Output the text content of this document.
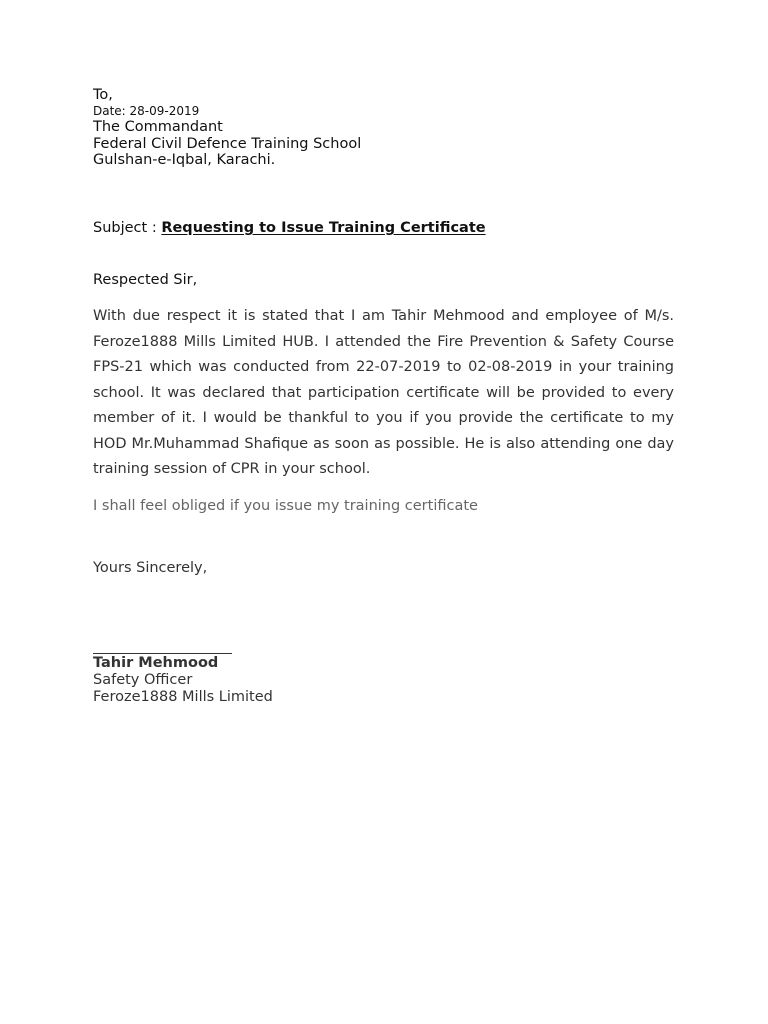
To,
Date: 28-09-2019
The Commandant
Federal Civil Defence Training School
Gulshan-e-Iqbal, Karachi.
Subject : Requesting to Issue Training Certificate
Respected Sir,
With due respect it is stated that I am Tahir Mehmood and employee of M/s. Feroze1888 Mills Limited HUB. I attended the Fire Prevention & Safety Course FPS-21 which was conducted from 22-07-2019 to 02-08-2019 in your training school. It was declared that participation certificate will be provided to every member of it. I would be thankful to you if you provide the certificate to my HOD Mr.Muhammad Shafique as soon as possible. He is also attending one day training session of CPR in your school.
I shall feel obliged if you issue my training certificate
Yours Sincerely,
Tahir Mehmood
Safety Officer
Feroze1888 Mills Limited
